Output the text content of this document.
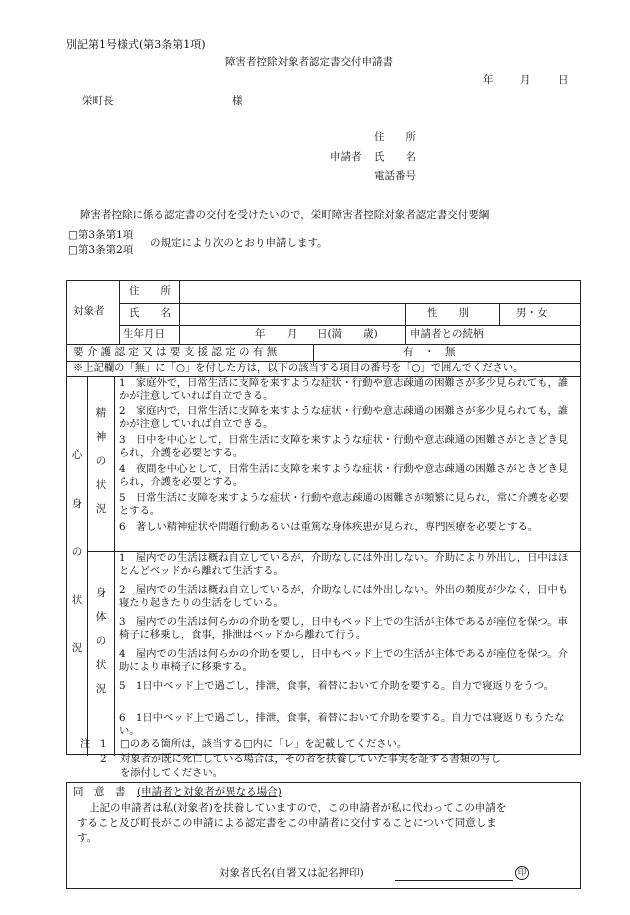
別記第1号様式(第3条第1項)
障害者控除対象者認定書交付申請書
年	月	日
栄町長	様
住　　所
申請者 氏　　名
電話番号
障害者控除に係る認定書の交付を受けたいので，栄町障害者控除対象者認定書交付要綱
□第3条第1項
□第3条第2項
の規定により次のとおり申請します。
対象者
住　　所
氏　　名	性　　別	男・女
生年月日	年 月 日(満　　歳)	申請者との続柄
要 介 護 認 定 又 は 要 支 援 認 定 の 有 無	有　・　無
※上記欄の「無」に「○」を付した方は，以下の該当する項目の番号を「○」で囲んでください。
心
身
の
状
況
精
神
の
状
況
身
体
の
状
況
1　家庭外で，日常生活に支障を来すような症状・行動や意志疎通の困難さが多少見られても，誰かが注意していれば自立できる。
2　家庭内で，日常生活に支障を来すような症状・行動や意志疎通の困難さが多少見られても，誰かが注意していれば自立できる。
3　日中を中心として，日常生活に支障を来すような症状・行動や意志疎通の困難さがときどき見られ，介護を必要とする。
4　夜間を中心として，日常生活に支障を来すような症状・行動や意志疎通の困難さがときどき見られ，介護を必要とする。
5　日常生活に支障を来すような症状・行動や意志疎通の困難さが頻繁に見られ，常に介護を必要とする。
6　著しい精神症状や問題行動あるいは重篤な身体疾患が見られ，専門医療を必要とする。
1　屋内での生活は概ね自立しているが，介助なしには外出しない。介助により外出し，日中はほとんどベッドから離れて生活する。
2　屋内での生活は概ね自立しているが，介助なしには外出しない。外出の頻度が少なく，日中も寝たり起きたりの生活をしている。
3　屋内での生活は何らかの介助を要し，日中もベッド上での生活が主体であるが座位を保つ。車椅子に移乗し，食事，排泄はベッドから離れて行う。
4　屋内での生活は何らかの介助を要し，日中もベッド上での生活が主体であるが座位を保つ。介助により車椅子に移乗する。
5　1日中ベッド上で過ごし，排泄，食事，着替において介助を要する。自力で寝返りをうつ。
6　1日中ベッド上で過ごし，排泄，食事，着替において介助を要する。自力では寝返りもうたない。
注 1 □のある箇所は，該当する□内に「レ」を記載してください。
2 対象者が既に死亡している場合は，その者を扶養していた事実を証する書類の写し
を添付してください。
同　意　書 (申請者と対象者が異なる場合)
上記の申請者は私(対象者)を扶養していますので，この申請者が私に代わってこの申請を
すること及び町長がこの申請による認定書をこの申請者に交付することについて同意しま
す。
対象者氏名(自署又は記名押印)	印
